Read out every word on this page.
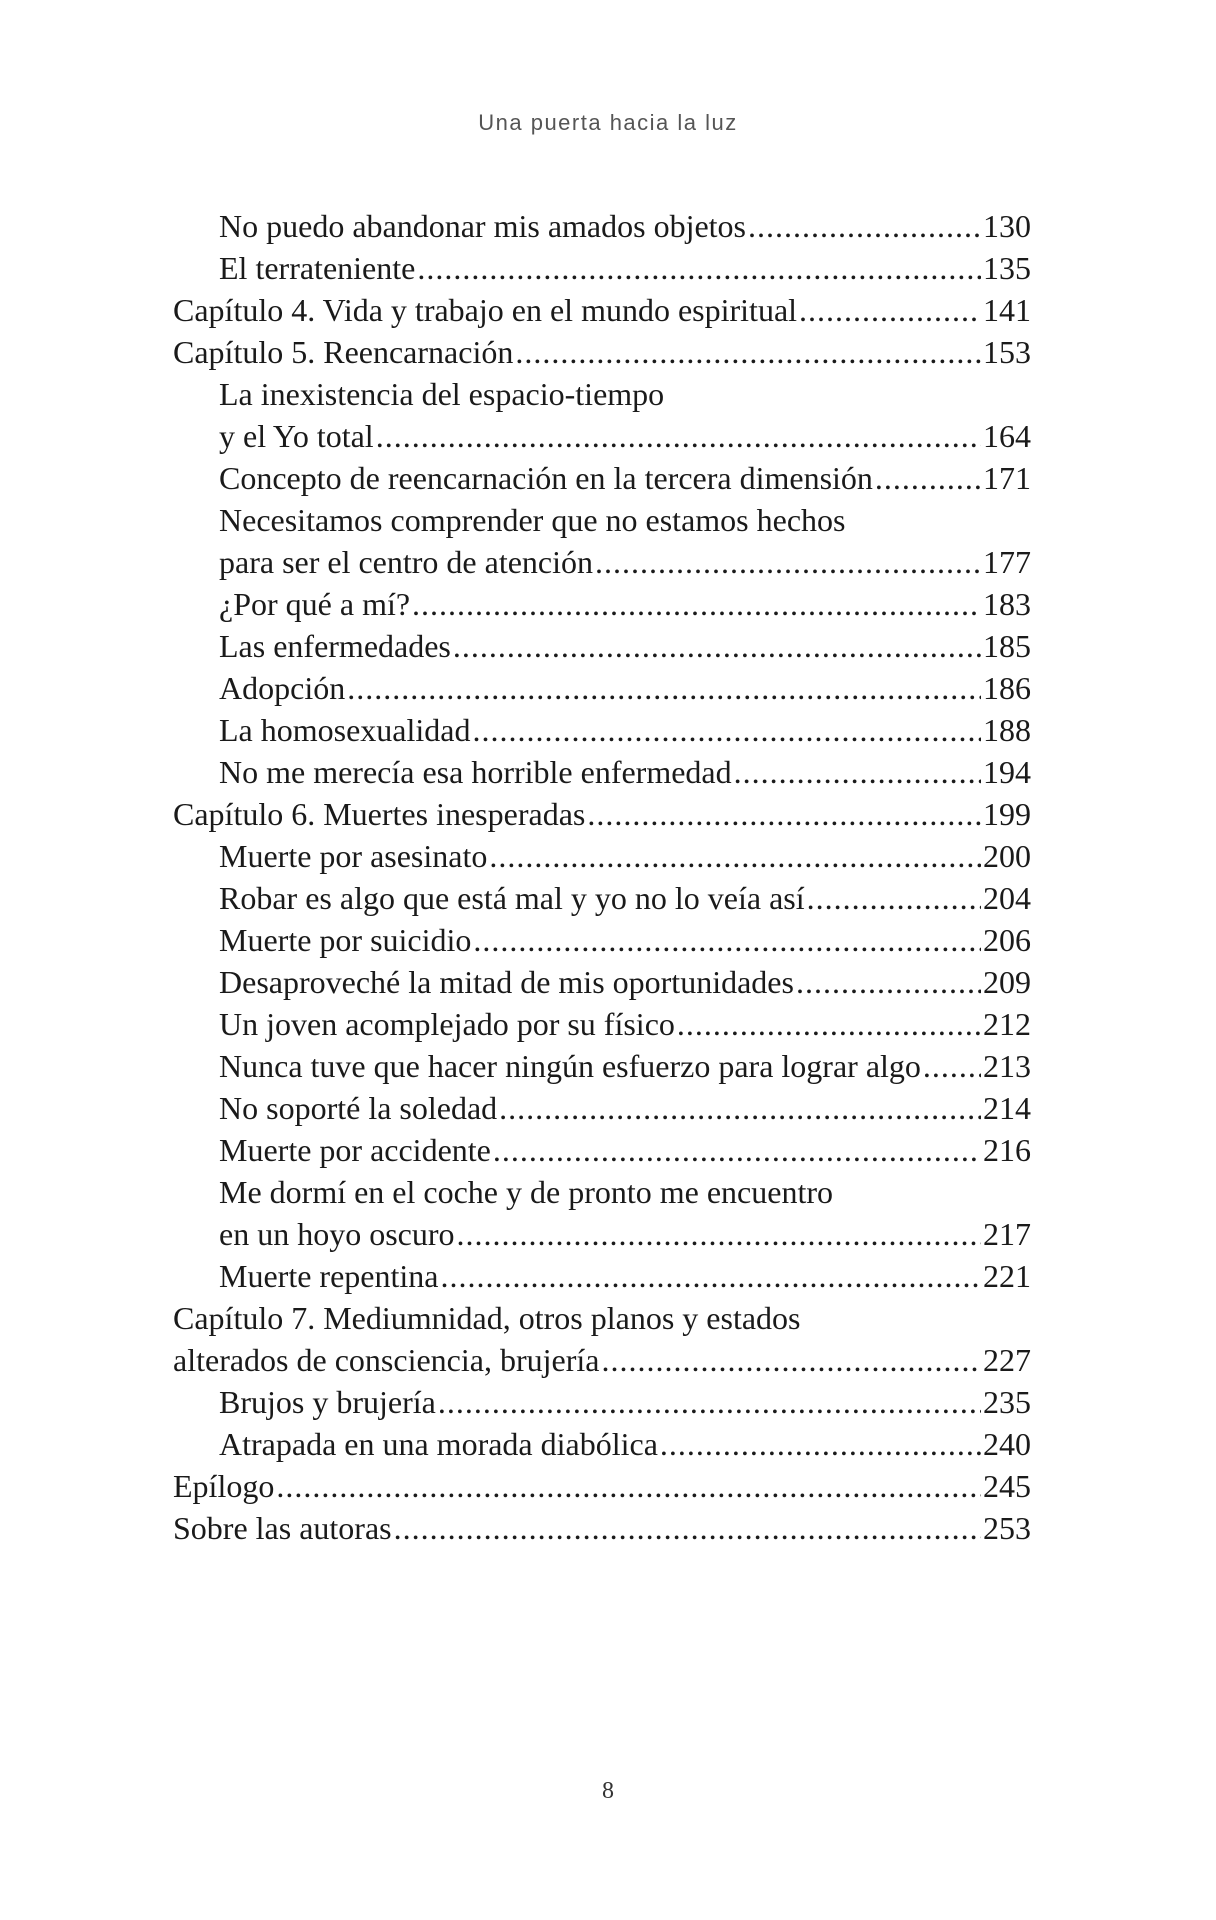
Una puerta hacia la luz
No puedo abandonar mis amados objetos .....	130
El terrateniente .....	135
Capítulo 4. Vida y trabajo en el mundo espiritual .....	141
Capítulo 5. Reencarnación .....	153
La inexistencia del espacio-tiempo
y el Yo total .....	164
Concepto de reencarnación en la tercera dimensión .....	171
Necesitamos comprender que no estamos hechos
para ser el centro de atención .....	177
¿Por qué a mí? .....	183
Las enfermedades .....	185
Adopción .....	186
La homosexualidad .....	188
No me merecía esa horrible enfermedad .....	194
Capítulo 6. Muertes inesperadas .....	199
Muerte por asesinato .....	200
Robar es algo que está mal y yo no lo veía así .....	204
Muerte por suicidio .....	206
Desaproveché la mitad de mis oportunidades .....	209
Un joven acomplejado por su físico .....	212
Nunca tuve que hacer ningún esfuerzo para lograr algo ..... 213
No soporté la soledad .....	214
Muerte por accidente .....	216
Me dormí en el coche y de pronto me encuentro
en un hoyo oscuro .....	217
Muerte repentina .....	221
Capítulo 7. Mediumnidad, otros planos y estados
alterados de consciencia, brujería .....	227
Brujos y brujería .....	235
Atrapada en una morada diabólica .....	240
Epílogo .....	245
Sobre las autoras .....	253
8
